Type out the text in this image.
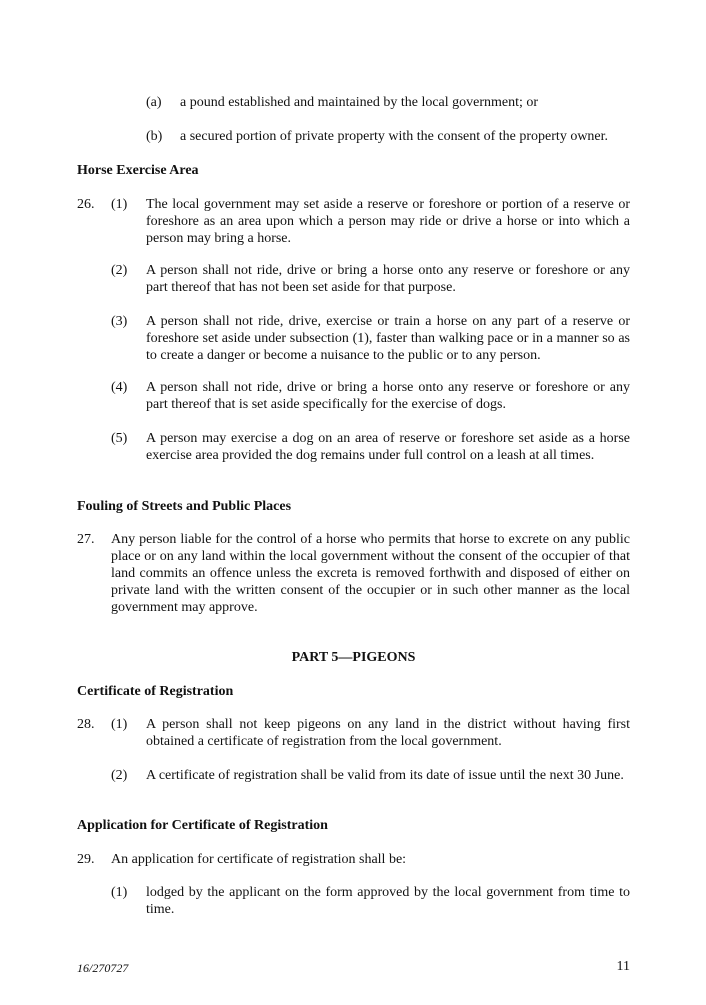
(a) a pound established and maintained by the local government; or
(b) a secured portion of private property with the consent of the property owner.
Horse Exercise Area
26. (1) The local government may set aside a reserve or foreshore or portion of a reserve or foreshore as an area upon which a person may ride or drive a horse or into which a person may bring a horse.
(2) A person shall not ride, drive or bring a horse onto any reserve or foreshore or any part thereof that has not been set aside for that purpose.
(3) A person shall not ride, drive, exercise or train a horse on any part of a reserve or foreshore set aside under subsection (1), faster than walking pace or in a manner so as to create a danger or become a nuisance to the public or to any person.
(4) A person shall not ride, drive or bring a horse onto any reserve or foreshore or any part thereof that is set aside specifically for the exercise of dogs.
(5) A person may exercise a dog on an area of reserve or foreshore set aside as a horse exercise area provided the dog remains under full control on a leash at all times.
Fouling of Streets and Public Places
27. Any person liable for the control of a horse who permits that horse to excrete on any public place or on any land within the local government without the consent of the occupier of that land commits an offence unless the excreta is removed forthwith and disposed of either on private land with the written consent of the occupier or in such other manner as the local government may approve.
PART 5—PIGEONS
Certificate of Registration
28. (1) A person shall not keep pigeons on any land in the district without having first obtained a certificate of registration from the local government.
(2) A certificate of registration shall be valid from its date of issue until the next 30 June.
Application for Certificate of Registration
29. An application for certificate of registration shall be:
(1) lodged by the applicant on the form approved by the local government from time to time.
16/270727	11
